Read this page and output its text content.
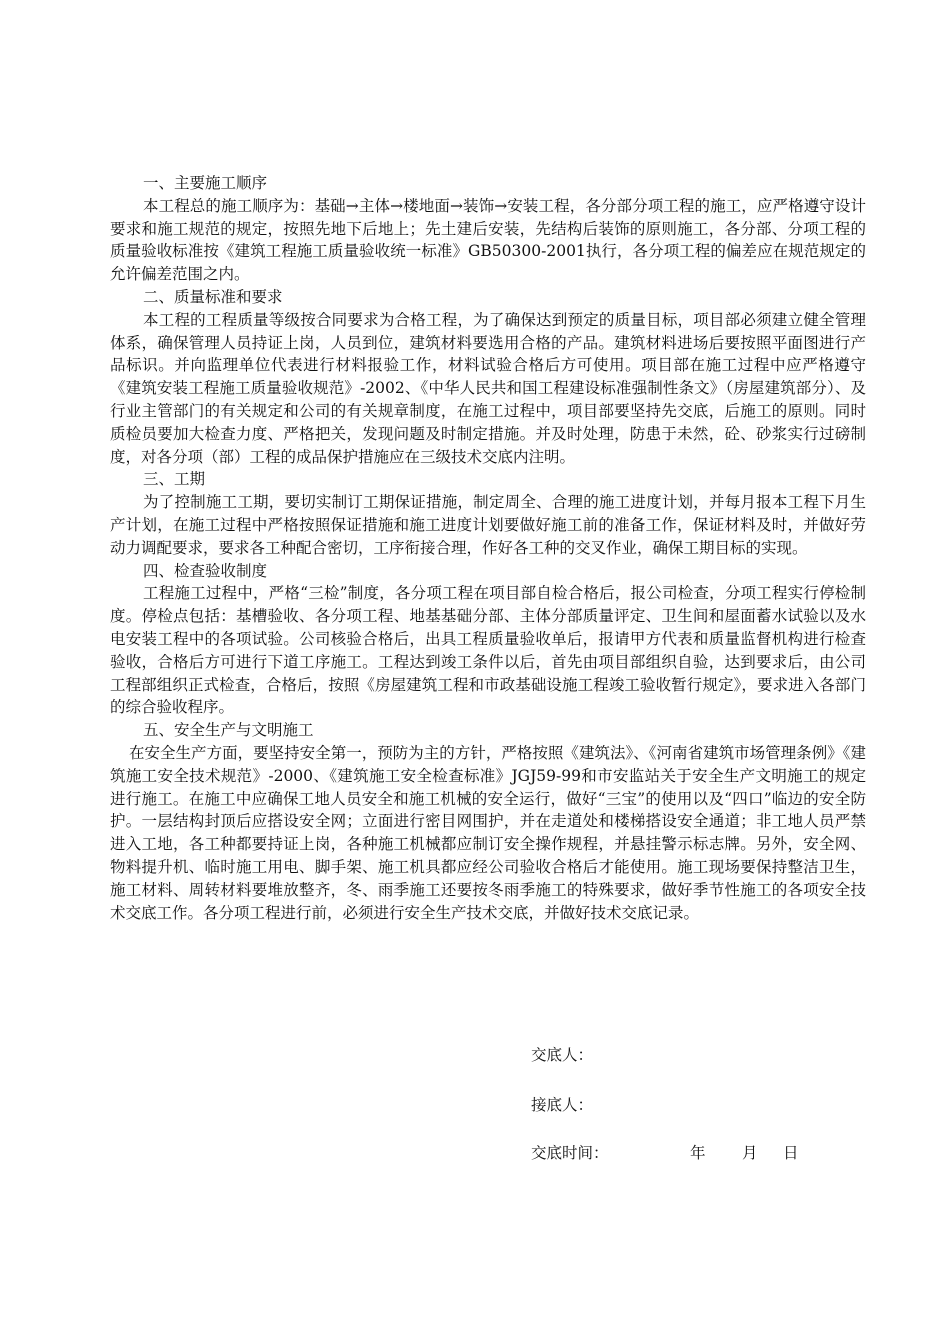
一、主要施工顺序
本工程总的施工顺序为：基础→主体→楼地面→装饰→安装工程，各分部分项工程的施工，应严格遵守设计要求和施工规范的规定，按照先地下后地上；先土建后安装，先结构后装饰的原则施工，各分部、分项工程的质量验收标准按《建筑工程施工质量验收统一标准》GB50300-2001执行，各分项工程的偏差应在规范规定的允许偏差范围之内。
二、质量标准和要求
本工程的工程质量等级按合同要求为合格工程，为了确保达到预定的质量目标，项目部必须建立健全管理体系，确保管理人员持证上岗，人员到位，建筑材料要选用合格的产品。建筑材料进场后要按照平面图进行产品标识。并向监理单位代表进行材料报验工作，材料试验合格后方可使用。项目部在施工过程中应严格遵守《建筑安装工程施工质量验收规范》-2002、《中华人民共和国工程建设标准强制性条文》（房屋建筑部分）、及行业主管部门的有关规定和公司的有关规章制度，在施工过程中，项目部要坚持先交底，后施工的原则。同时质检员要加大检查力度、严格把关，发现问题及时制定措施。并及时处理，防患于未然，砼、砂浆实行过磅制度，对各分项（部）工程的成品保护措施应在三级技术交底内注明。
三、工期
为了控制施工工期，要切实制订工期保证措施，制定周全、合理的施工进度计划，并每月报本工程下月生产计划，在施工过程中严格按照保证措施和施工进度计划要做好施工前的准备工作，保证材料及时，并做好劳动力调配要求，要求各工种配合密切，工序衔接合理，作好各工种的交叉作业，确保工期目标的实现。
四、检查验收制度
工程施工过程中，严格“三检”制度，各分项工程在项目部自检合格后，报公司检查，分项工程实行停检制度。停检点包括：基槽验收、各分项工程、地基基础分部、主体分部质量评定、卫生间和屋面蓄水试验以及水电安装工程中的各项试验。公司核验合格后，出具工程质量验收单后，报请甲方代表和质量监督机构进行检查验收，合格后方可进行下道工序施工。工程达到竣工条件以后，首先由项目部组织自验，达到要求后，由公司工程部组织正式检查，合格后，按照《房屋建筑工程和市政基础设施工程竣工验收暂行规定》，要求进入各部门的综合验收程序。
五、安全生产与文明施工
在安全生产方面，要坚持安全第一，预防为主的方针，严格按照《建筑法》、《河南省建筑市场管理条例》《建筑施工安全技术规范》-2000、《建筑施工安全检查标准》JGJ59-99和市安监站关于安全生产文明施工的规定进行施工。在施工中应确保工地人员安全和施工机械的安全运行，做好“三宝”的使用以及“四口”临边的安全防护。一层结构封顶后应搭设安全网；立面进行密目网围护，并在走道处和楼梯搭设安全通道；非工地人员严禁进入工地，各工种都要持证上岗，各种施工机械都应制订安全操作规程，并悬挂警示标志牌。另外，安全网、物料提升机、临时施工用电、脚手架、施工机具都应经公司验收合格后才能使用。施工现场要保持整洁卫生，施工材料、周转材料要堆放整齐，冬、雨季施工还要按冬雨季施工的特殊要求，做好季节性施工的各项安全技术交底工作。各分项工程进行前，必须进行安全生产技术交底，并做好技术交底记录。
交底人：
接底人：
交底时间：	年 月 日
